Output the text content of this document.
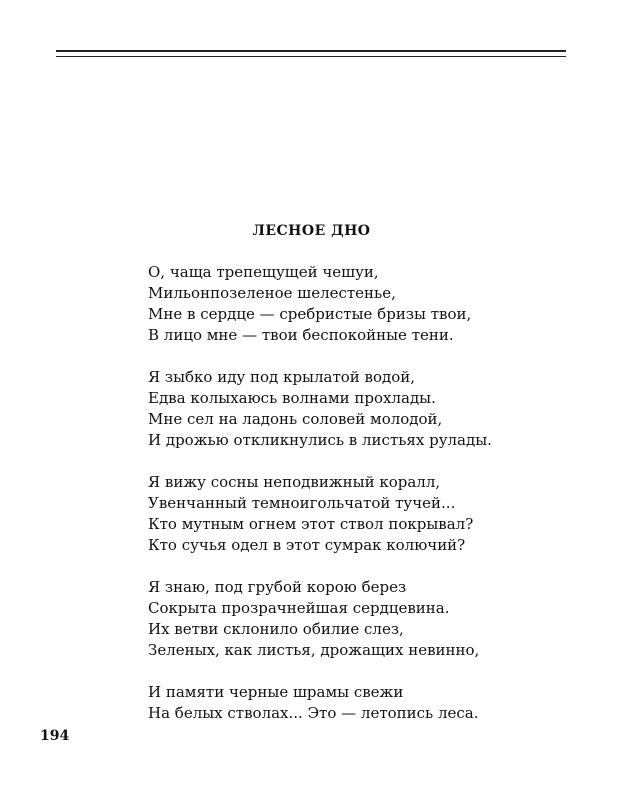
ЛЕСНОЕ ДНО
О, чаща трепещущей чешуи,
Мильонпозеленое шелестенье,
Мне в сердце — сребристые бризы твои,
В лицо мне — твои беспокойные тени.
Я зыбко иду под крылатой водой,
Едва колыхаюсь волнами прохлады.
Мне сел на ладонь соловей молодой,
И дрожью откликнулись в листьях рулады.
Я вижу сосны неподвижный коралл,
Увенчанный темноигольчатой тучей...
Кто мутным огнем этот ствол покрывал?
Кто сучья одел в этот сумрак колючий?
Я знаю, под грубой корою берез
Сокрыта прозрачнейшая сердцевина.
Их ветви склонило обилие слез,
Зеленых, как листья, дрожащих невинно,
И памяти черные шрамы свежи
На белых стволах... Это — летопись леса.
194
